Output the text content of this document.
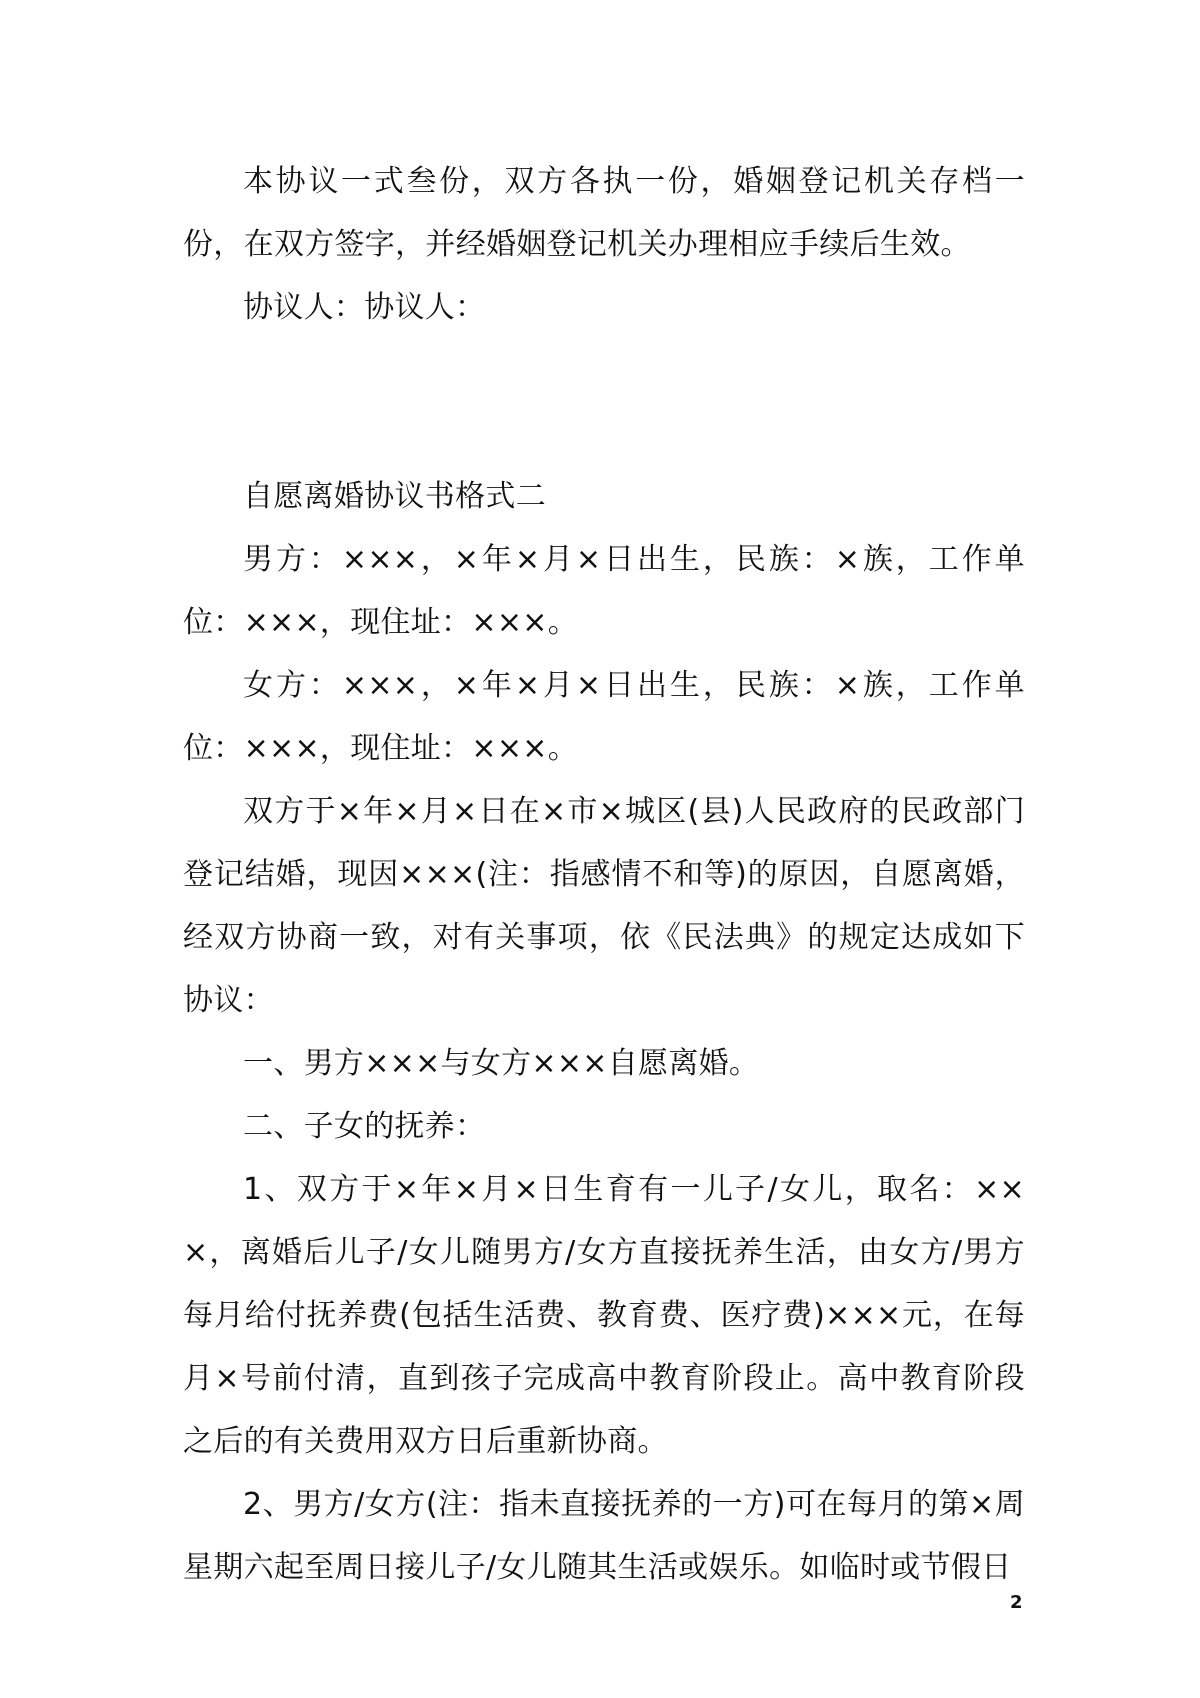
本协议一式叁份，双方各执一份，婚姻登记机关存档一份，在双方签字，并经婚姻登记机关办理相应手续后生效。

协议人：协议人：

自愿离婚协议书格式二

男方：×××，×年×月×日出生，民族：×族，工作单位：×××，现住址：×××。

女方：×××，×年×月×日出生，民族：×族，工作单位：×××，现住址：×××。

双方于×年×月×日在×市×城区(县)人民政府的民政部门登记结婚，现因×××(注：指感情不和等)的原因，自愿离婚，经双方协商一致，对有关事项，依《民法典》的规定达成如下协议：

一、男方×××与女方×××自愿离婚。

二、子女的抚养：

1、双方于×年×月×日生育有一儿子/女儿，取名：×××，离婚后儿子/女儿随男方/女方直接抚养生活，由女方/男方每月给付抚养费(包括生活费、教育费、医疗费)×××元，在每月×号前付清，直到孩子完成高中教育阶段止。高中教育阶段之后的有关费用双方日后重新协商。

2、男方/女方(注：指未直接抚养的一方)可在每月的第×周星期六起至周日接儿子/女儿随其生活或娱乐。如临时或节假日

2
